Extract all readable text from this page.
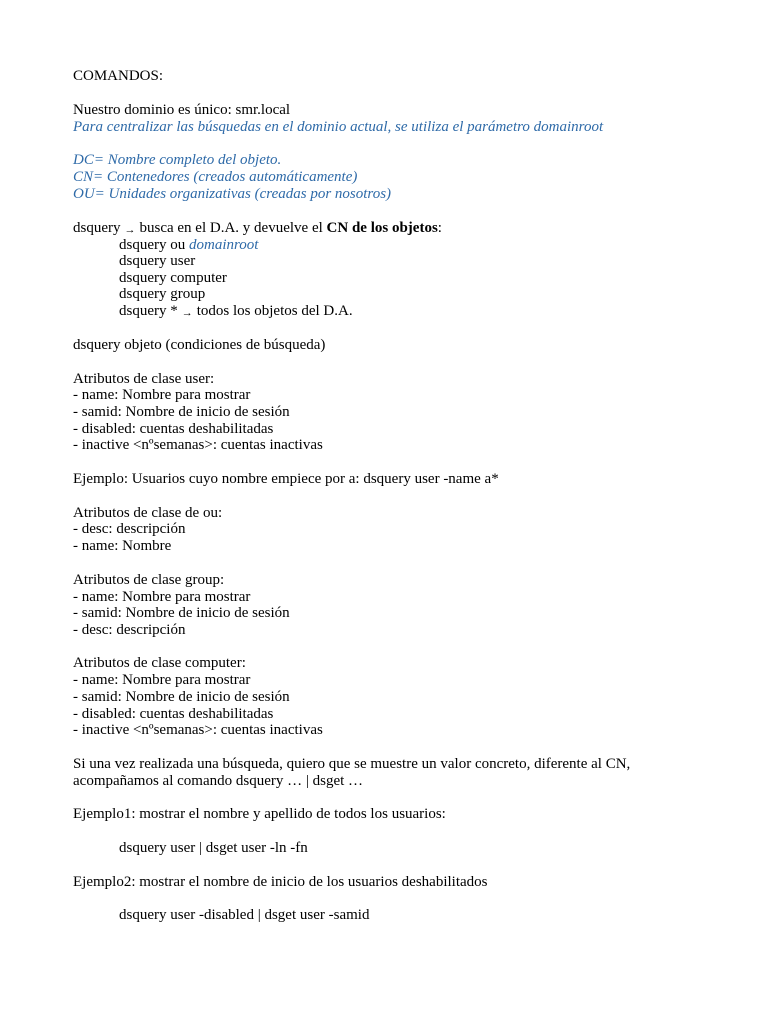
COMANDOS:
Nuestro dominio es único: smr.local
Para centralizar las búsquedas en el dominio actual, se utiliza el parámetro domainroot
DC= Nombre completo del objeto.
CN= Contenedores (creados automáticamente)
OU= Unidades organizativas (creadas por nosotros)
dsquery → busca en el D.A. y devuelve el CN de los objetos:
dsquery ou domainroot
dsquery user
dsquery computer
dsquery group
dsquery * → todos los objetos del D.A.
dsquery objeto (condiciones de búsqueda)
Atributos de clase user:
- name: Nombre para mostrar
- samid: Nombre de inicio de sesión
- disabled: cuentas deshabilitadas
- inactive <nºsemanas>: cuentas inactivas
Ejemplo: Usuarios cuyo nombre empiece por a: dsquery user -name a*
Atributos de clase de ou:
- desc: descripción
- name: Nombre
Atributos de clase group:
- name: Nombre para mostrar
- samid: Nombre de inicio de sesión
- desc: descripción
Atributos de clase computer:
- name: Nombre para mostrar
- samid: Nombre de inicio de sesión
- disabled: cuentas deshabilitadas
- inactive <nºsemanas>: cuentas inactivas
Si una vez realizada una búsqueda, quiero que se muestre un valor concreto, diferente al CN,
acompañamos al comando dsquery … | dsget …
Ejemplo1: mostrar el nombre y apellido de todos los usuarios:
dsquery user | dsget user -ln -fn
Ejemplo2: mostrar el nombre de inicio de los usuarios deshabilitados
dsquery user -disabled | dsget user -samid
